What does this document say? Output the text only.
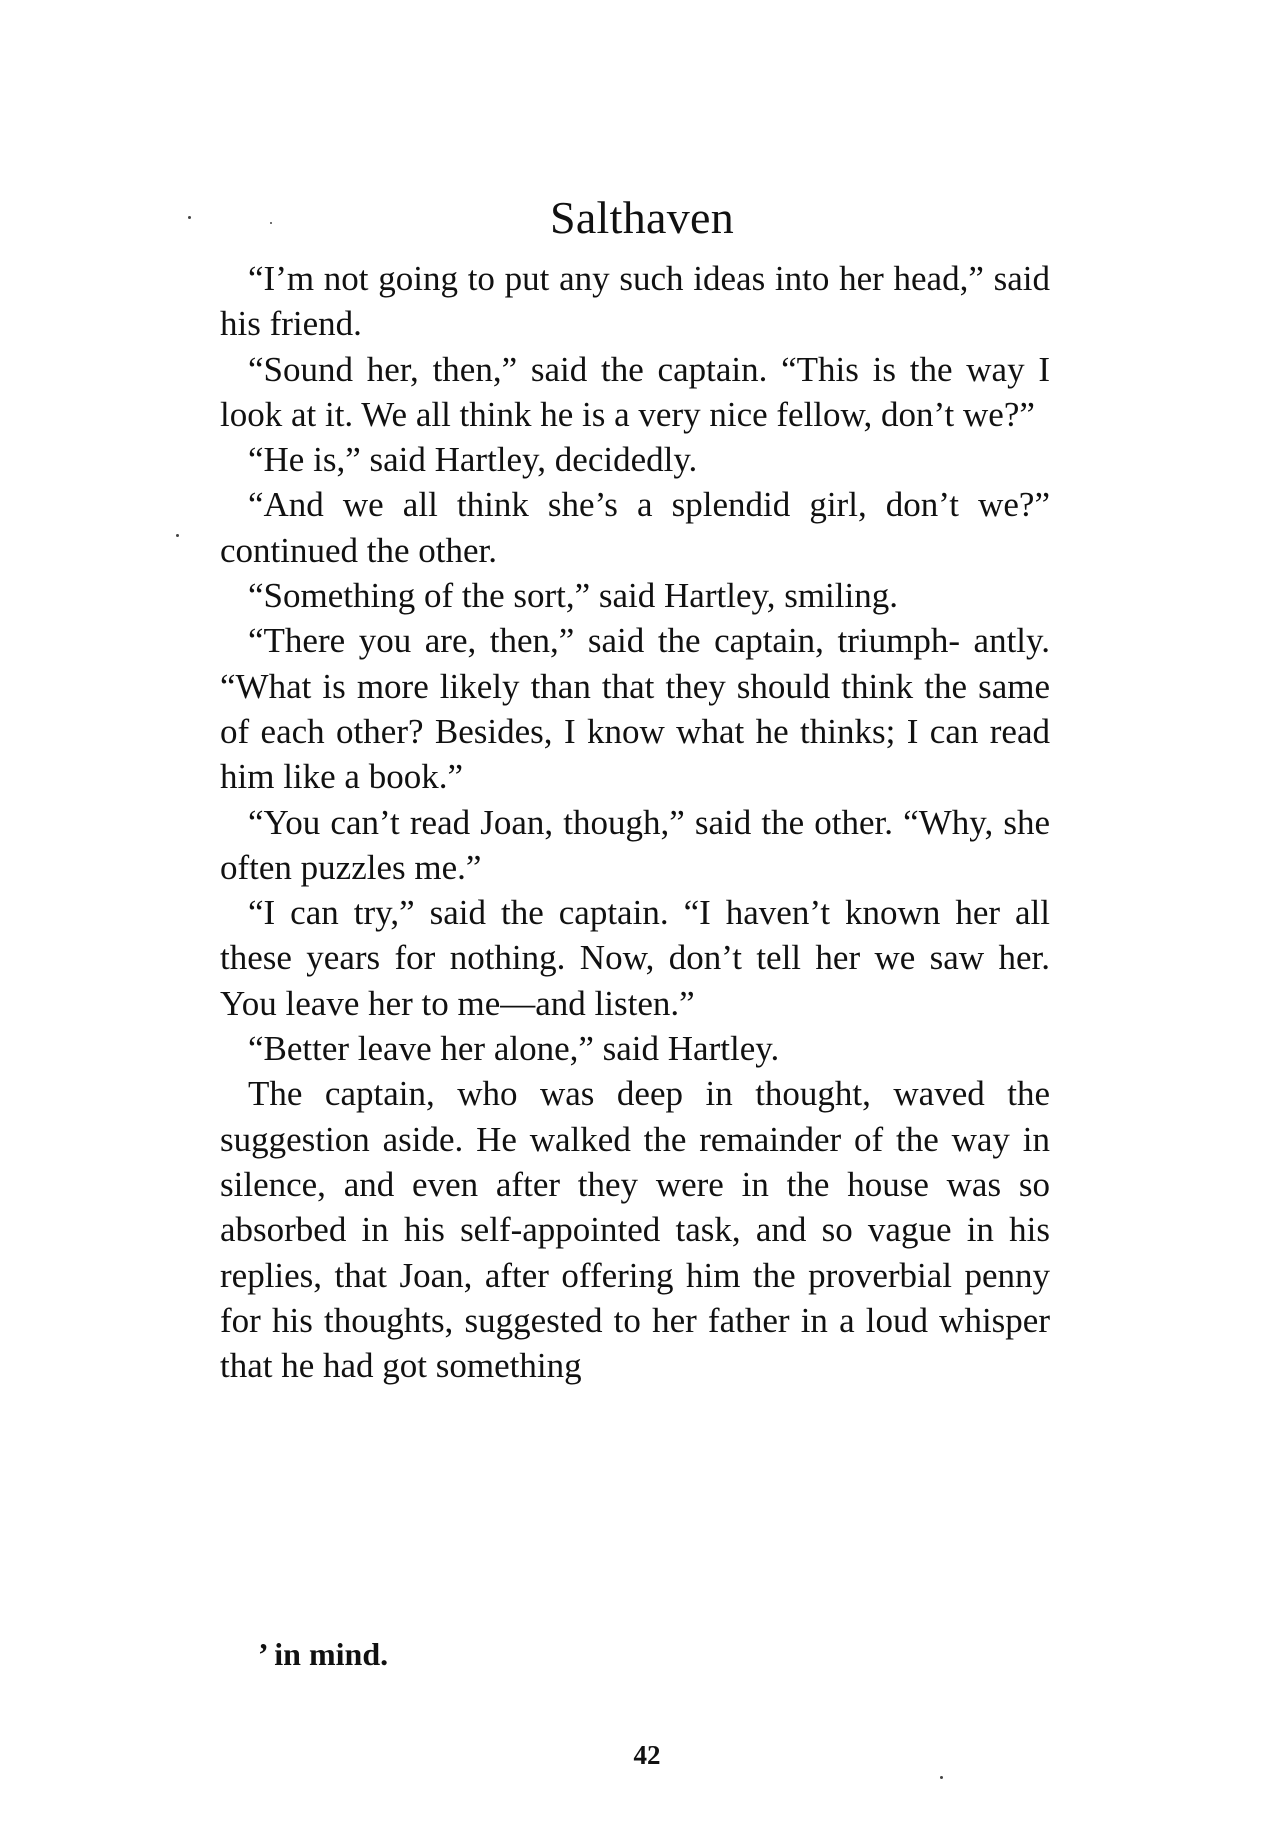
Salthaven

“I’m not going to put any such ideas into her head,” said his friend.

“Sound her, then,” said the captain. “This is the way I look at it. We all think he is a very nice fellow, don’t we?”

“He is,” said Hartley, decidedly.

“And we all think she’s a splendid girl, don’t we?” continued the other.

“Something of the sort,” said Hartley, smiling.

“There you are, then,” said the captain, triumph- antly. “What is more likely than that they should think the same of each other? Besides, I know what he thinks; I can read him like a book.”

“You can’t read Joan, though,” said the other. “Why, she often puzzles me.”

“I can try,” said the captain. “I haven’t known her all these years for nothing. Now, don’t tell her we saw her. You leave her to me—and listen.”

“Better leave her alone,” said Hartley.

The captain, who was deep in thought, waved the suggestion aside. He walked the remainder of the way in silence, and even after they were in the house was so absorbed in his self-appointed task, and so vague in his replies, that Joan, after offering him the proverbial penny for his thoughts, suggested to her father in a loud whisper that he had got something

’ in mind.
42
